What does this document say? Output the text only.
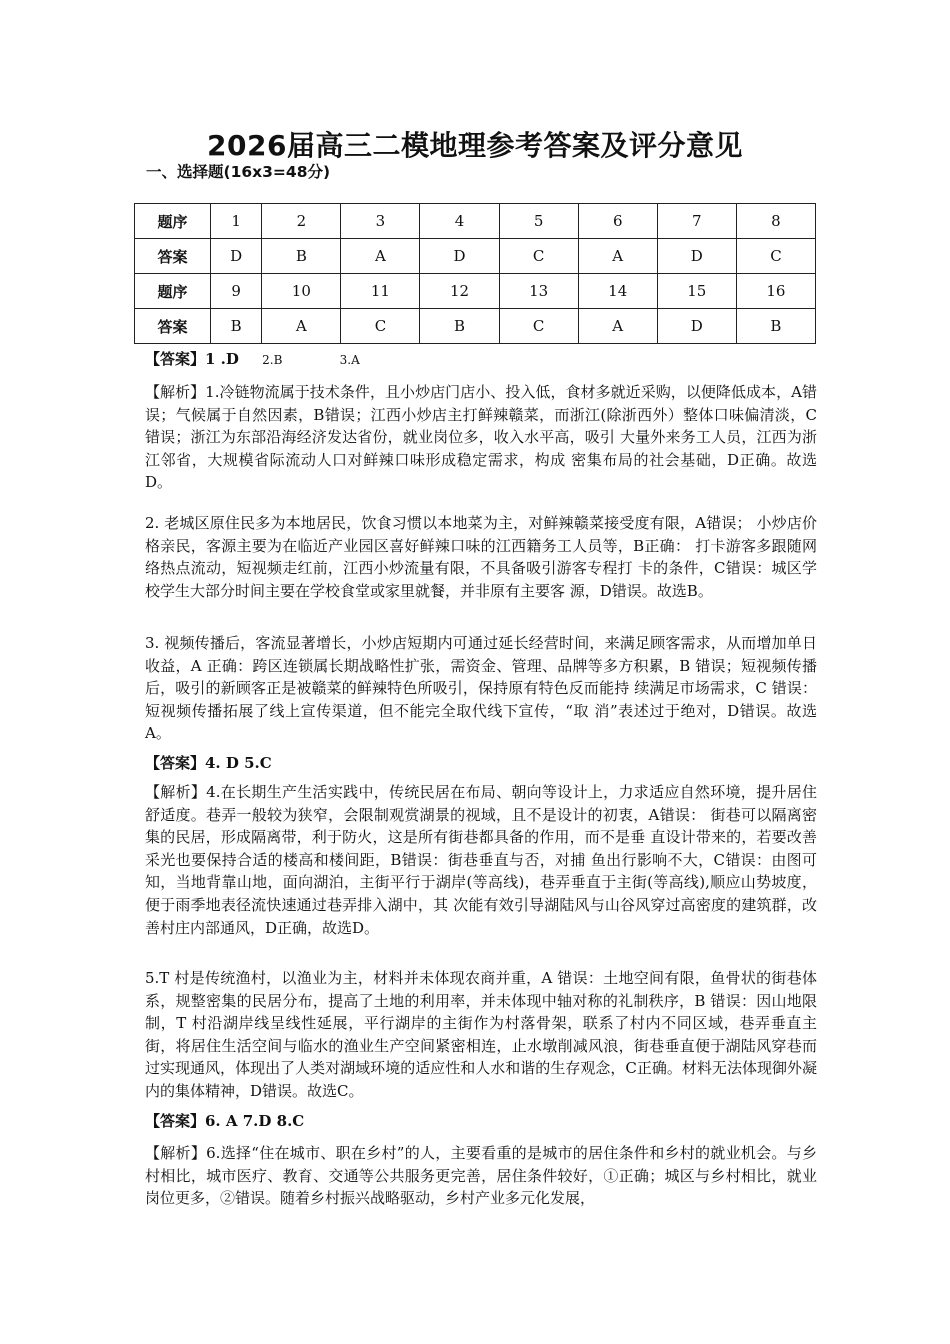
2026届高三二模地理参考答案及评分意见
一、选择题(16x3=48分)
题序	1	2	3	4	5	6	7	8
答案	D	B	A	D	C	A	D	C
题序	9	10	11	12	13	14	15	16
答案	B	A	C	B	C	A	D	B
【答案】1 .D 2.B	3.A
【解析】1.冷链物流属于技术条件，且小炒店门店小、投入低，食材多就近采购，以便降低成本，A错误；气候属于自然因素，B错误；江西小炒店主打鲜辣赣菜，而浙江(除浙西外）整体口味偏清淡，C错误；浙江为东部沿海经济发达省份，就业岗位多，收入水平高，吸引 大量外来务工人员，江西为浙江邻省，大规模省际流动人口对鲜辣口味形成稳定需求，构成 密集布局的社会基础，D正确。故选D。
2. 老城区原住民多为本地居民，饮食习惯以本地菜为主，对鲜辣赣菜接受度有限，A错误； 小炒店价格亲民，客源主要为在临近产业园区喜好鲜辣口味的江西籍务工人员等，B正确： 打卡游客多跟随网络热点流动，短视频走红前，江西小炒流量有限，不具备吸引游客专程打 卡的条件，C错误：城区学校学生大部分时间主要在学校食堂或家里就餐，并非原有主要客 源，D错误。故选B。
3. 视频传播后，客流显著增长，小炒店短期内可通过延长经营时间，来满足顾客需求，从而增加单日收益，A 正确：跨区连锁属长期战略性扩张，需资金、管理、品牌等多方积累，B 错误；短视频传播后，吸引的新顾客正是被赣菜的鲜辣特色所吸引，保持原有特色反而能持 续满足市场需求，C 错误：短视频传播拓展了线上宣传渠道，但不能完全取代线下宣传，“取 消”表述过于绝对，D错误。故选A。
【答案】4. D 5.C
【解析】4.在长期生产生活实践中，传统民居在布局、朝向等设计上，力求适应自然环境，提升居住舒适度。巷弄一般较为狭窄，会限制观赏湖景的视域，且不是设计的初衷，A错误： 街巷可以隔离密集的民居，形成隔离带，利于防火，这是所有街巷都具备的作用，而不是垂 直设计带来的，若要改善采光也要保持合适的楼高和楼间距，B错误：街巷垂直与否，对捕 鱼出行影响不大，C错误：由图可知，当地背靠山地，面向湖泊，主街平行于湖岸(等高线)，巷弄垂直于主街(等高线),顺应山势坡度，便于雨季地表径流快速通过巷弄排入湖中，其 次能有效引导湖陆风与山谷风穿过高密度的建筑群，改善村庄内部通风，D正确，故选D。
5.T 村是传统渔村，以渔业为主，材料并未体现农商并重，A 错误：土地空间有限，鱼骨状的街巷体系，规整密集的民居分布，提高了土地的利用率，并未体现中轴对称的礼制秩序，B 错误：因山地限制，T 村沿湖岸线呈线性延展，平行湖岸的主街作为村落骨架，联系了村内不同区域，巷弄垂直主街，将居住生活空间与临水的渔业生产空间紧密相连，止水墩削减风浪，街巷垂直便于湖陆风穿巷而过实现通风，体现出了人类对湖域环境的适应性和人水和谐的生存观念，C正确。材料无法体现御外凝内的集体精神，D错误。故选C。
【答案】6. A 7.D 8.C
【解析】6.选择“住在城市、职在乡村”的人，主要看重的是城市的居住条件和乡村的就业机会。与乡村相比，城市医疗、教育、交通等公共服务更完善，居住条件较好，①正确；城区与乡村相比，就业岗位更多，②错误。随着乡村振兴战略驱动，乡村产业多元化发展，
